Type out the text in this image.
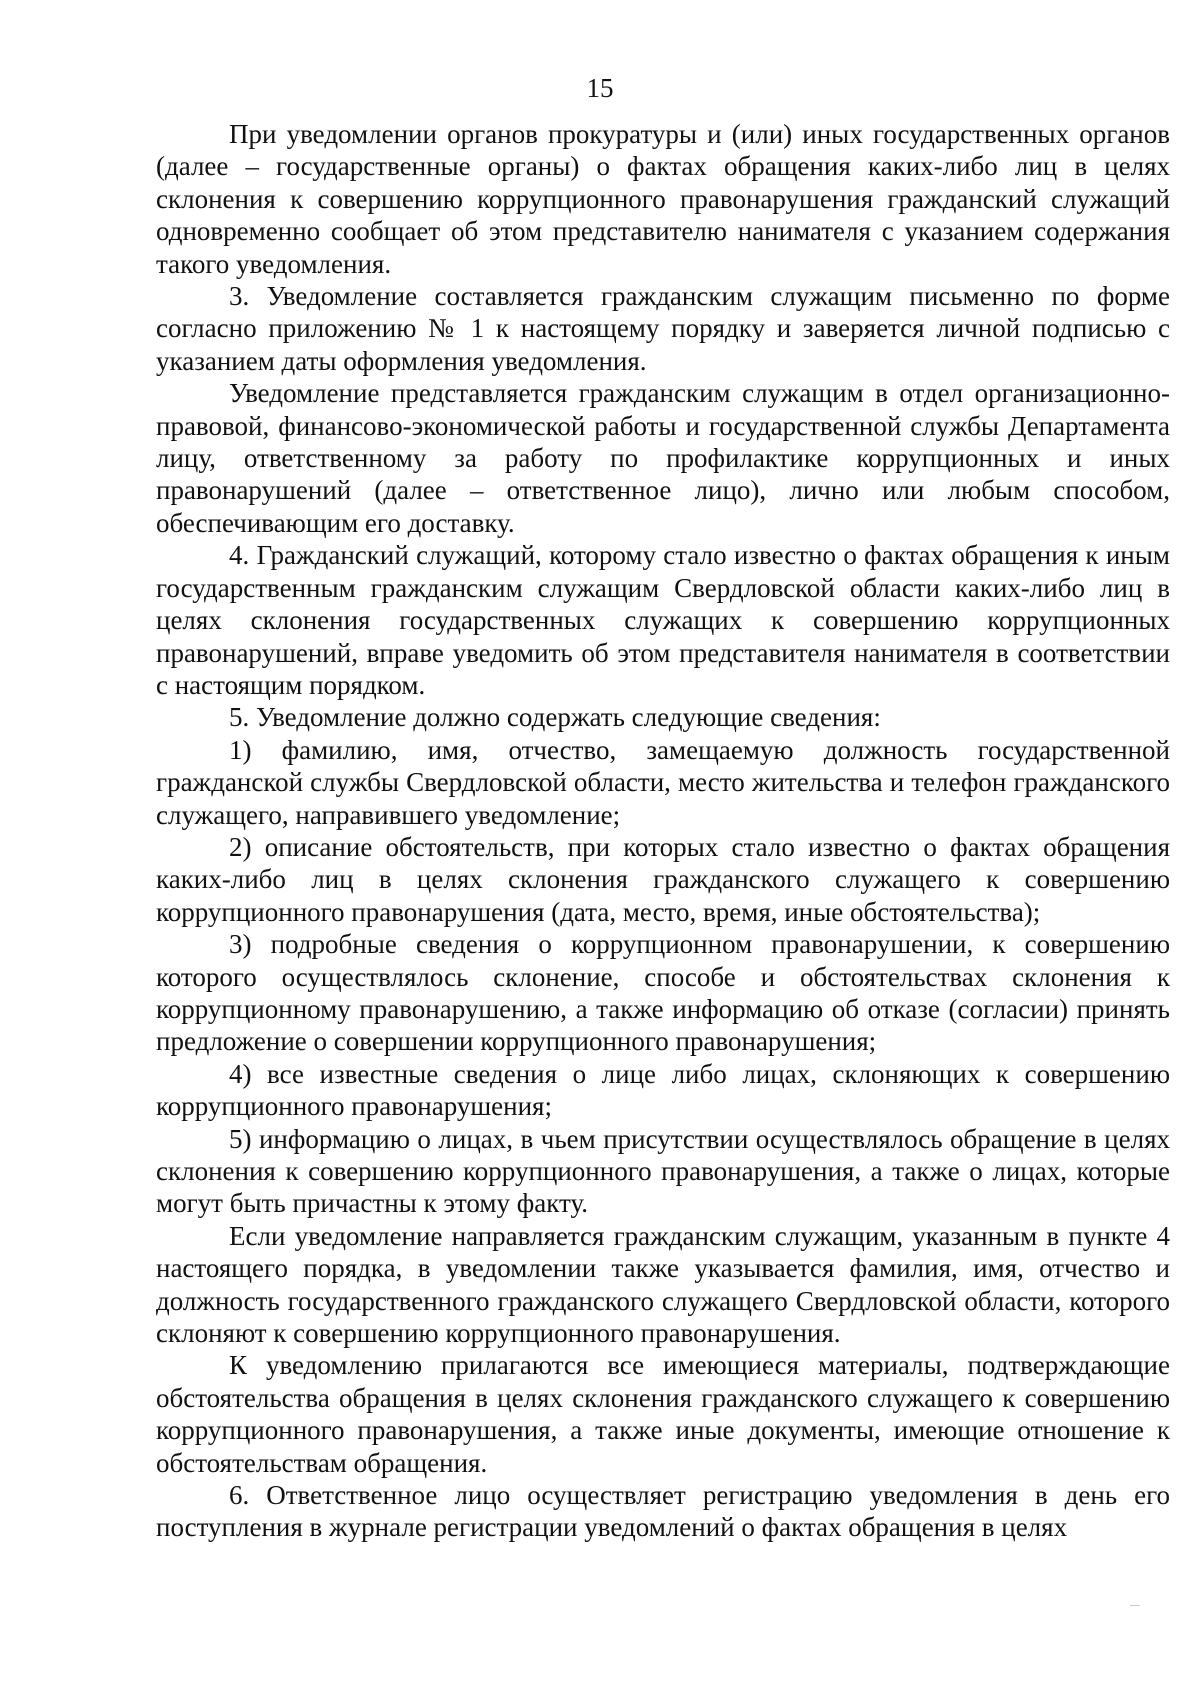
15

При уведомлении органов прокуратуры и (или) иных государственных органов (далее – государственные органы) о фактах обращения каких-либо лиц в целях склонения к совершению коррупционного правонарушения гражданский служащий одновременно сообщает об этом представителю нанимателя с указанием содержания такого уведомления.

3. Уведомление составляется гражданским служащим письменно по форме согласно приложению № 1 к настоящему порядку и заверяется личной подписью с указанием даты оформления уведомления.

Уведомление представляется гражданским служащим в отдел организационно-правовой, финансово-экономической работы и государственной службы Департамента лицу, ответственному за работу по профилактике коррупционных и иных правонарушений (далее – ответственное лицо), лично или любым способом, обеспечивающим его доставку.

4. Гражданский служащий, которому стало известно о фактах обращения к иным государственным гражданским служащим Свердловской области каких-либо лиц в целях склонения государственных служащих к совершению коррупционных правонарушений, вправе уведомить об этом представителя нанимателя в соответствии с настоящим порядком.

5. Уведомление должно содержать следующие сведения:

1) фамилию, имя, отчество, замещаемую должность государственной гражданской службы Свердловской области, место жительства и телефон гражданского служащего, направившего уведомление;

2) описание обстоятельств, при которых стало известно о фактах обращения каких-либо лиц в целях склонения гражданского служащего к совершению коррупционного правонарушения (дата, место, время, иные обстоятельства);

3) подробные сведения о коррупционном правонарушении, к совершению которого осуществлялось склонение, способе и обстоятельствах склонения к коррупционному правонарушению, а также информацию об отказе (согласии) принять предложение о совершении коррупционного правонарушения;

4) все известные сведения о лице либо лицах, склоняющих к совершению коррупционного правонарушения;

5) информацию о лицах, в чьем присутствии осуществлялось обращение в целях склонения к совершению коррупционного правонарушения, а также о лицах, которые могут быть причастны к этому факту.

Если уведомление направляется гражданским служащим, указанным в пункте 4 настоящего порядка, в уведомлении также указывается фамилия, имя, отчество и должность государственного гражданского служащего Свердловской области, которого склоняют к совершению коррупционного правонарушения.

К уведомлению прилагаются все имеющиеся материалы, подтверждающие обстоятельства обращения в целях склонения гражданского служащего к совершению коррупционного правонарушения, а также иные документы, имеющие отношение к обстоятельствам обращения.

6. Ответственное лицо осуществляет регистрацию уведомления в день его поступления в журнале регистрации уведомлений о фактах обращения в целях
